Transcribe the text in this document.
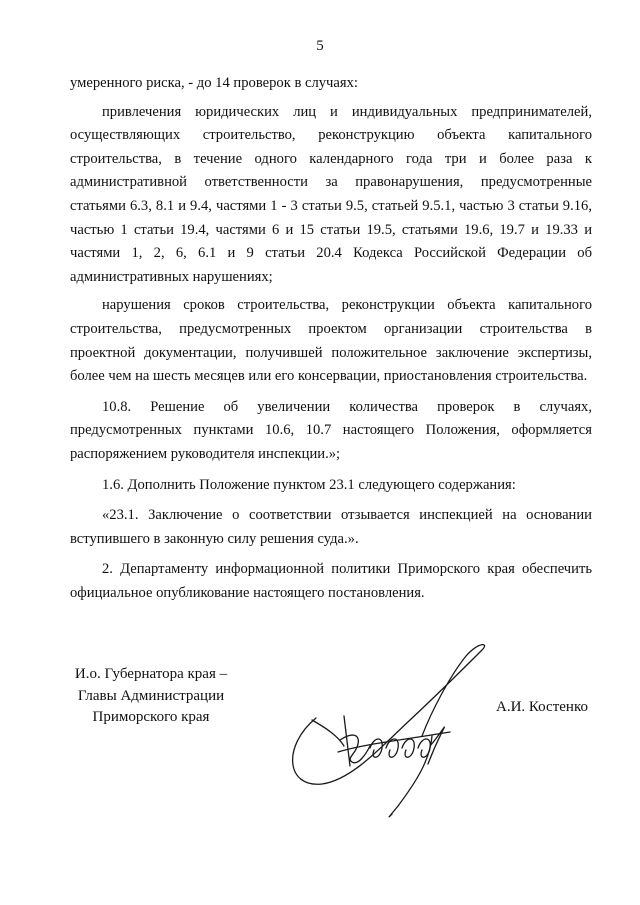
5

умеренного риска, - до 14 проверок в случаях:

привлечения юридических лиц и индивидуальных предпринимателей, осуществляющих строительство, реконструкцию объекта капитального строительства, в течение одного календарного года три и более раза к административной ответственности за правонарушения, предусмотренные статьями 6.3, 8.1 и 9.4, частями 1 - 3 статьи 9.5, статьей 9.5.1, частью 3 статьи 9.16, частью 1 статьи 19.4, частями 6 и 15 статьи 19.5, статьями 19.6, 19.7 и 19.33 и частями 1, 2, 6, 6.1 и 9 статьи 20.4 Кодекса Российской Федерации об административных нарушениях;

нарушения сроков строительства, реконструкции объекта капитального строительства, предусмотренных проектом организации строительства в проектной документации, получившей положительное заключение экспертизы, более чем на шесть месяцев или его консервации, приостановления строительства.

10.8. Решение об увеличении количества проверок в случаях, предусмотренных пунктами 10.6, 10.7 настоящего Положения, оформляется распоряжением руководителя инспекции.»;

1.6. Дополнить Положение пунктом 23.1 следующего содержания:

«23.1. Заключение о соответствии отзывается инспекцией на основании вступившего в законную силу решения суда.».

2. Департаменту информационной политики Приморского края обеспечить официальное опубликование настоящего постановления.

И.о. Губернатора края –
Главы Администрации
Приморского края
А.И. Костенко
